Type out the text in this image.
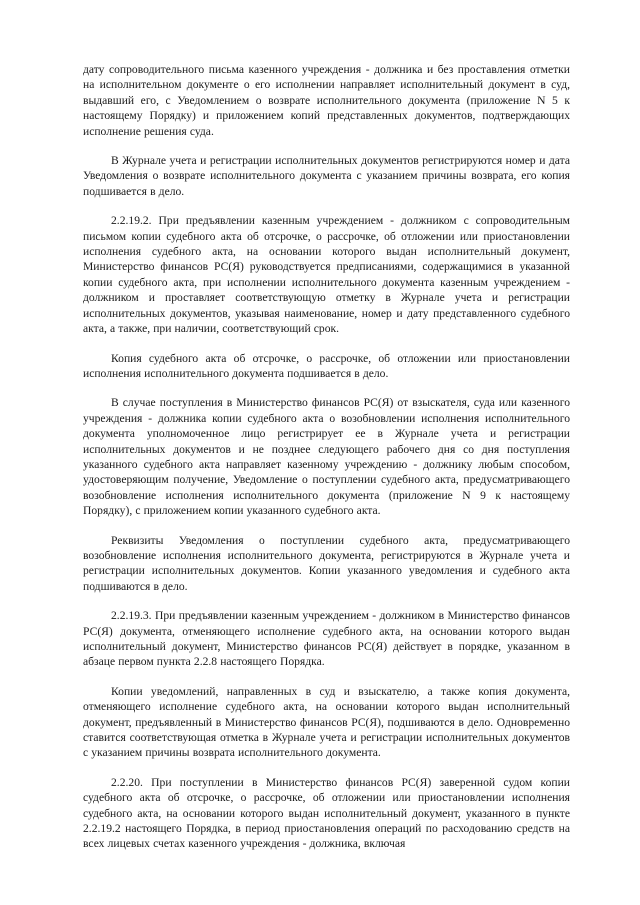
дату сопроводительного письма казенного учреждения - должника и без проставления отметки на исполнительном документе о его исполнении направляет исполнительный документ в суд, выдавший его, с Уведомлением о возврате исполнительного документа (приложение N 5 к настоящему Порядку) и приложением копий представленных документов, подтверждающих исполнение решения суда.

В Журнале учета и регистрации исполнительных документов регистрируются номер и дата Уведомления о возврате исполнительного документа с указанием причины возврата, его копия подшивается в дело.

2.2.19.2. При предъявлении казенным учреждением - должником с сопроводительным письмом копии судебного акта об отсрочке, о рассрочке, об отложении или приостановлении исполнения судебного акта, на основании которого выдан исполнительный документ, Министерство финансов РС(Я) руководствуется предписаниями, содержащимися в указанной копии судебного акта, при исполнении исполнительного документа казенным учреждением - должником и проставляет соответствующую отметку в Журнале учета и регистрации исполнительных документов, указывая наименование, номер и дату представленного судебного акта, а также, при наличии, соответствующий срок.

Копия судебного акта об отсрочке, о рассрочке, об отложении или приостановлении исполнения исполнительного документа подшивается в дело.

В случае поступления в Министерство финансов РС(Я) от взыскателя, суда или казенного учреждения - должника копии судебного акта о возобновлении исполнения исполнительного документа уполномоченное лицо регистрирует ее в Журнале учета и регистрации исполнительных документов и не позднее следующего рабочего дня со дня поступления указанного судебного акта направляет казенному учреждению - должнику любым способом, удостоверяющим получение, Уведомление о поступлении судебного акта, предусматривающего возобновление исполнения исполнительного документа (приложение N 9 к настоящему Порядку), с приложением копии указанного судебного акта.

Реквизиты Уведомления о поступлении судебного акта, предусматривающего возобновление исполнения исполнительного документа, регистрируются в Журнале учета и регистрации исполнительных документов. Копии указанного уведомления и судебного акта подшиваются в дело.

2.2.19.3. При предъявлении казенным учреждением - должником в Министерство финансов РС(Я) документа, отменяющего исполнение судебного акта, на основании которого выдан исполнительный документ, Министерство финансов РС(Я) действует в порядке, указанном в абзаце первом пункта 2.2.8 настоящего Порядка.

Копии уведомлений, направленных в суд и взыскателю, а также копия документа, отменяющего исполнение судебного акта, на основании которого выдан исполнительный документ, предъявленный в Министерство финансов РС(Я), подшиваются в дело. Одновременно ставится соответствующая отметка в Журнале учета и регистрации исполнительных документов с указанием причины возврата исполнительного документа.

2.2.20. При поступлении в Министерство финансов РС(Я) заверенной судом копии судебного акта об отсрочке, о рассрочке, об отложении или приостановлении исполнения судебного акта, на основании которого выдан исполнительный документ, указанного в пункте 2.2.19.2 настоящего Порядка, в период приостановления операций по расходованию средств на всех лицевых счетах казенного учреждения - должника, включая
